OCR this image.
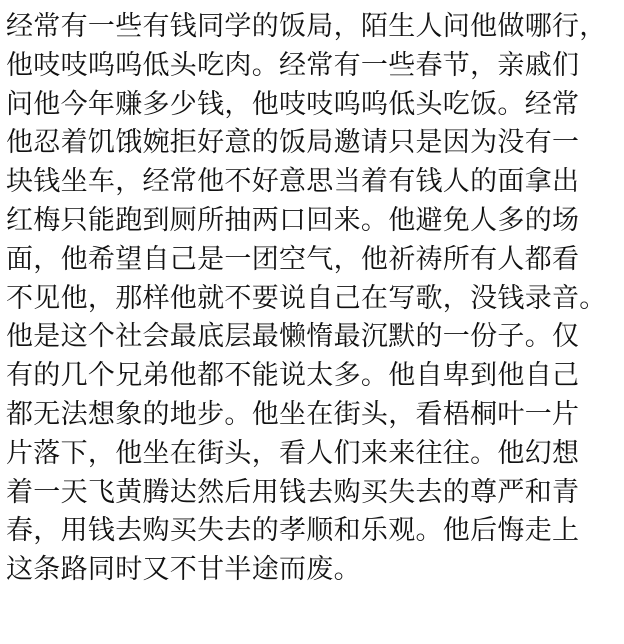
经常有一些有钱同学的饭局，陌生人问他做哪行，
他吱吱呜呜低头吃肉。经常有一些春节，亲戚们
问他今年赚多少钱，他吱吱呜呜低头吃饭。经常
他忍着饥饿婉拒好意的饭局邀请只是因为没有一
块钱坐车，经常他不好意思当着有钱人的面拿出
红梅只能跑到厕所抽两口回来。他避免人多的场
面，他希望自己是一团空气，他祈祷所有人都看
不见他，那样他就不要说自己在写歌，没钱录音。
他是这个社会最底层最懒惰最沉默的一份子。仅
有的几个兄弟他都不能说太多。他自卑到他自己
都无法想象的地步。他坐在街头，看梧桐叶一片
片落下，他坐在街头，看人们来来往往。他幻想
着一天飞黄腾达然后用钱去购买失去的尊严和青
春，用钱去购买失去的孝顺和乐观。他后悔走上
这条路同时又不甘半途而废。
